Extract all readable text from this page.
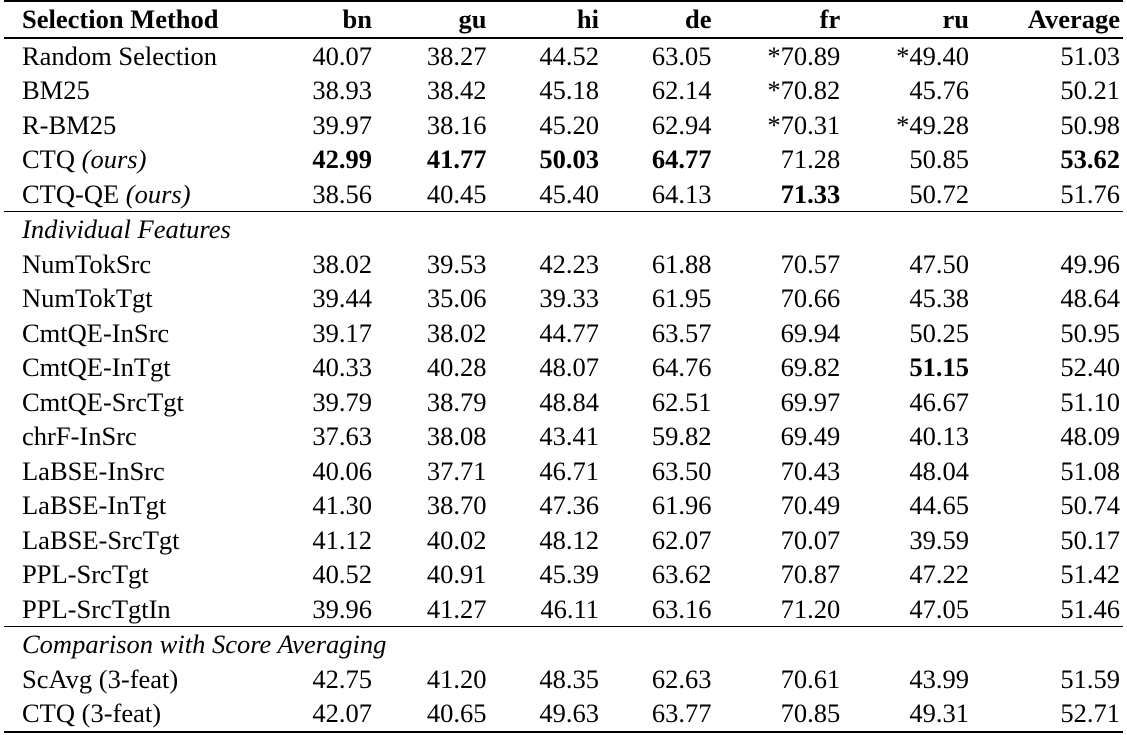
Selection Method	bn	gu	hi	de	fr	ru	Average
Random Selection	40.07	38.27	44.52	63.05	*70.89	*49.40	51.03
BM25	38.93	38.42	45.18	62.14	*70.82	45.76	50.21
R-BM25	39.97	38.16	45.20	62.94	*70.31	*49.28	50.98
CTQ (ours)	42.99	41.77	50.03	64.77	71.28	50.85	53.62
CTQ-QE (ours)	38.56	40.45	45.40	64.13	71.33	50.72	51.76
Individual Features							
NumTokSrc	38.02	39.53	42.23	61.88	70.57	47.50	49.96
NumTokTgt	39.44	35.06	39.33	61.95	70.66	45.38	48.64
CmtQE-InSrc	39.17	38.02	44.77	63.57	69.94	50.25	50.95
CmtQE-InTgt	40.33	40.28	48.07	64.76	69.82	51.15	52.40
CmtQE-SrcTgt	39.79	38.79	48.84	62.51	69.97	46.67	51.10
chrF-InSrc	37.63	38.08	43.41	59.82	69.49	40.13	48.09
LaBSE-InSrc	40.06	37.71	46.71	63.50	70.43	48.04	51.08
LaBSE-InTgt	41.30	38.70	47.36	61.96	70.49	44.65	50.74
LaBSE-SrcTgt	41.12	40.02	48.12	62.07	70.07	39.59	50.17
PPL-SrcTgt	40.52	40.91	45.39	63.62	70.87	47.22	51.42
PPL-SrcTgtIn	39.96	41.27	46.11	63.16	71.20	47.05	51.46
Comparison with Score Averaging							
ScAvg (3-feat)	42.75	41.20	48.35	62.63	70.61	43.99	51.59
CTQ (3-feat)	42.07	40.65	49.63	63.77	70.85	49.31	52.71
